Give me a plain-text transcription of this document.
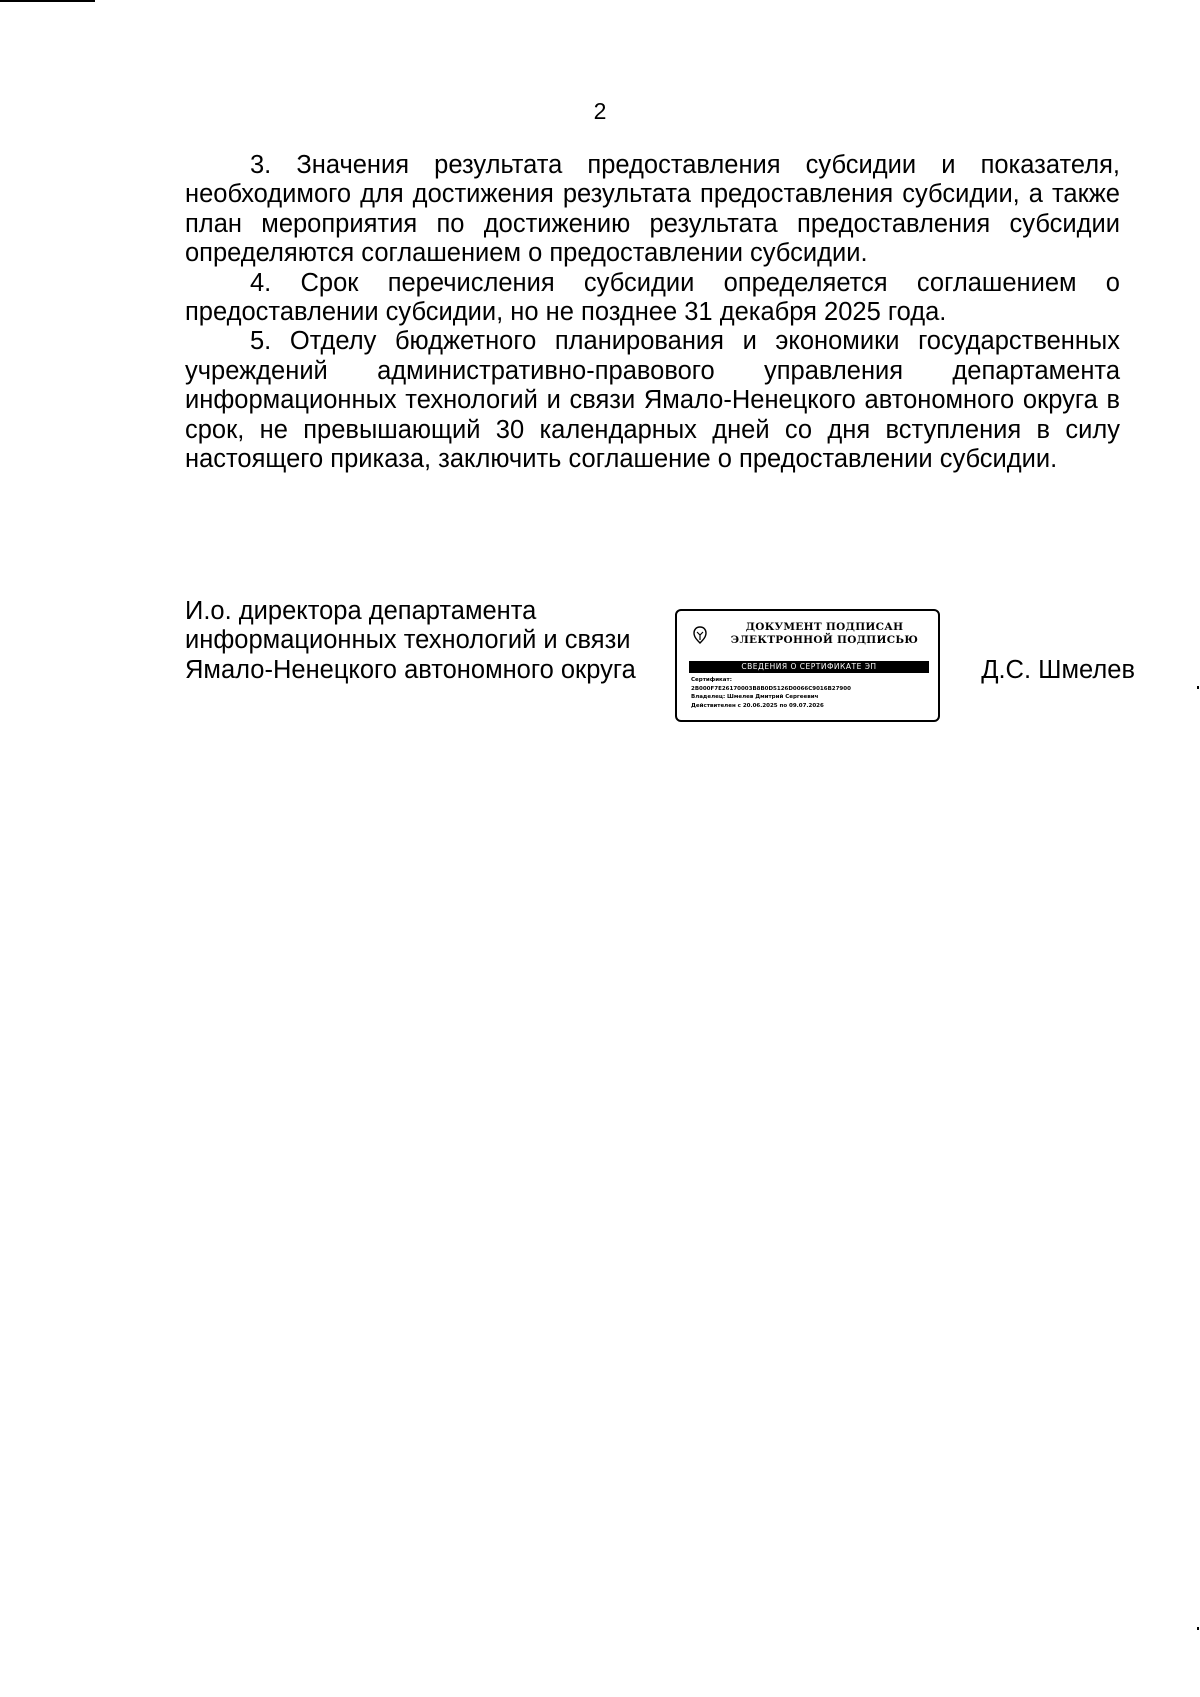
2

3. Значения результата предоставления субсидии и показателя, необходимого для достижения результата предоставления субсидии, а также план мероприятия по достижению результата предоставления субсидии определяются соглашением о предоставлении субсидии.

4. Срок перечисления субсидии определяется соглашением о предоставлении субсидии, но не позднее 31 декабря 2025 года.

5. Отделу бюджетного планирования и экономики государственных учреждений административно-правового управления департамента информационных технологий и связи Ямало-Ненецкого автономного округа в срок, не превышающий 30 календарных дней со дня вступления в силу настоящего приказа, заключить соглашение о предоставлении субсидии.

И.о. директора департамента
информационных технологий и связи
Ямало-Ненецкого автономного округа
ДОКУМЕНТ ПОДПИСАН
ЭЛЕКТРОННОЙ ПОДПИСЬЮ
СВЕДЕНИЯ О СЕРТИФИКАТЕ ЭП
Сертификат:
2B000F7E26170003B8B0D5126D0066C9016B27900
Владелец: Шмелев Дмитрий Сергеевич
Действителен с 20.06.2025 по 09.07.2026
Д.С. Шмелев
